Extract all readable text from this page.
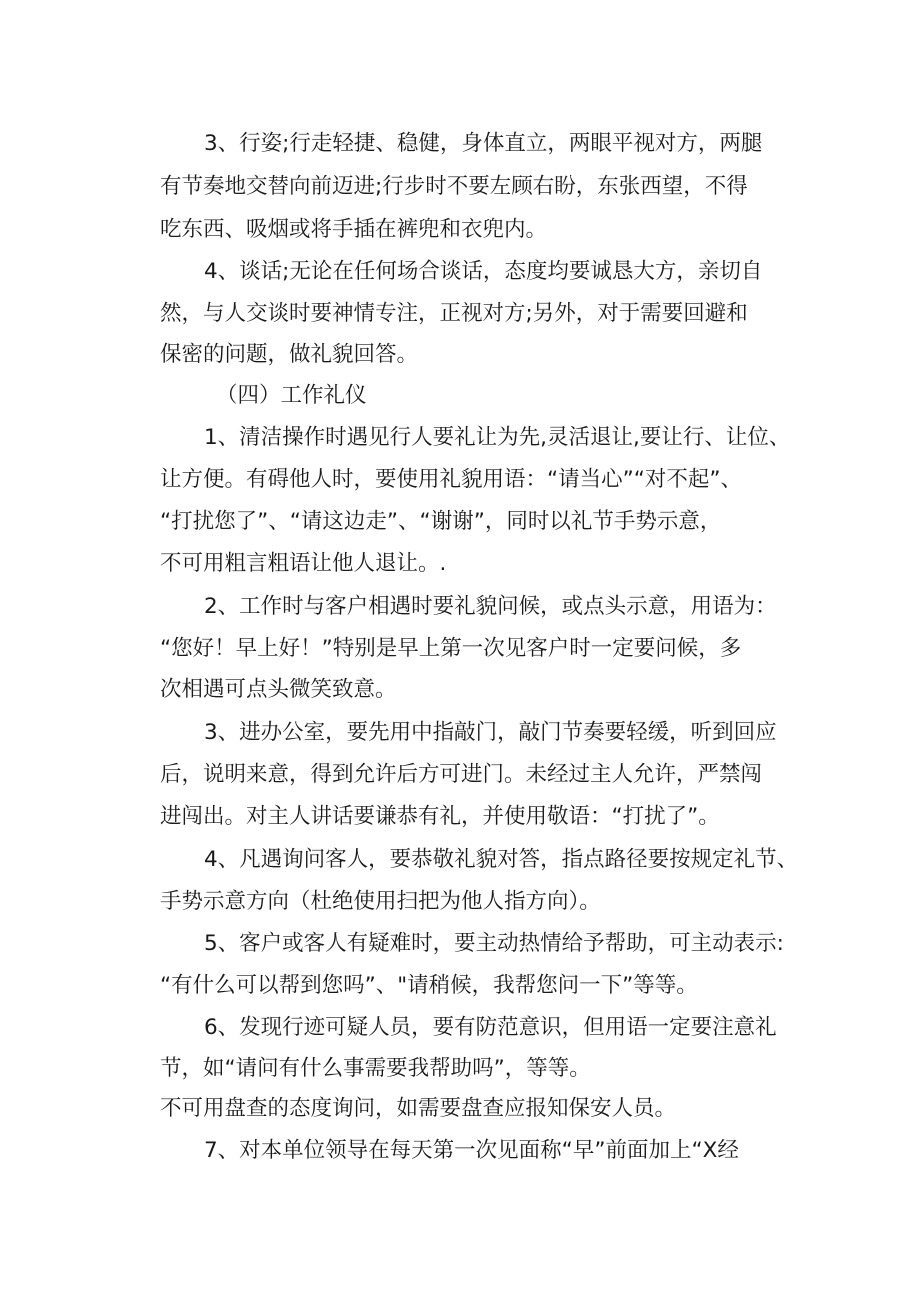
3、行姿;行走轻捷、稳健，身体直立，两眼平视对方，两腿
有节奏地交替向前迈进;行步时不要左顾右盼，东张西望，不得
吃东西、吸烟或将手插在裤兜和衣兜内。
4、谈话;无论在任何场合谈话，态度均要诚恳大方，亲切自
然，与人交谈时要神情专注，正视对方;另外，对于需要回避和
保密的问题，做礼貌回答。
（四）工作礼仪
1、清洁操作时遇见行人要礼让为先,灵活退让,要让行、让位、
让方便。有碍他人时，要使用礼貌用语：“请当心”“对不起”、
“打扰您了”、“请这边走”、“谢谢”，同时以礼节手势示意，
不可用粗言粗语让他人退让。.
2、工作时与客户相遇时要礼貌问候，或点头示意，用语为：
“您好！早上好！”特别是早上第一次见客户时一定要问候，多
次相遇可点头微笑致意。
3、进办公室，要先用中指敲门，敲门节奏要轻缓，听到回应
后，说明来意，得到允许后方可进门。未经过主人允许，严禁闯
进闯出。对主人讲话要谦恭有礼，并使用敬语：“打扰了”。
4、凡遇询问客人，要恭敬礼貌对答，指点路径要按规定礼节、
手势示意方向（杜绝使用扫把为他人指方向）。
5、客户或客人有疑难时，要主动热情给予帮助，可主动表示:
“有什么可以帮到您吗”、"请稍候，我帮您问一下”等等。
6、发现行迹可疑人员，要有防范意识，但用语一定要注意礼
节，如“请问有什么事需要我帮助吗”，等等。
不可用盘查的态度询问，如需要盘查应报知保安人员。
7、对本单位领导在每天第一次见面称“早”前面加上“X经
